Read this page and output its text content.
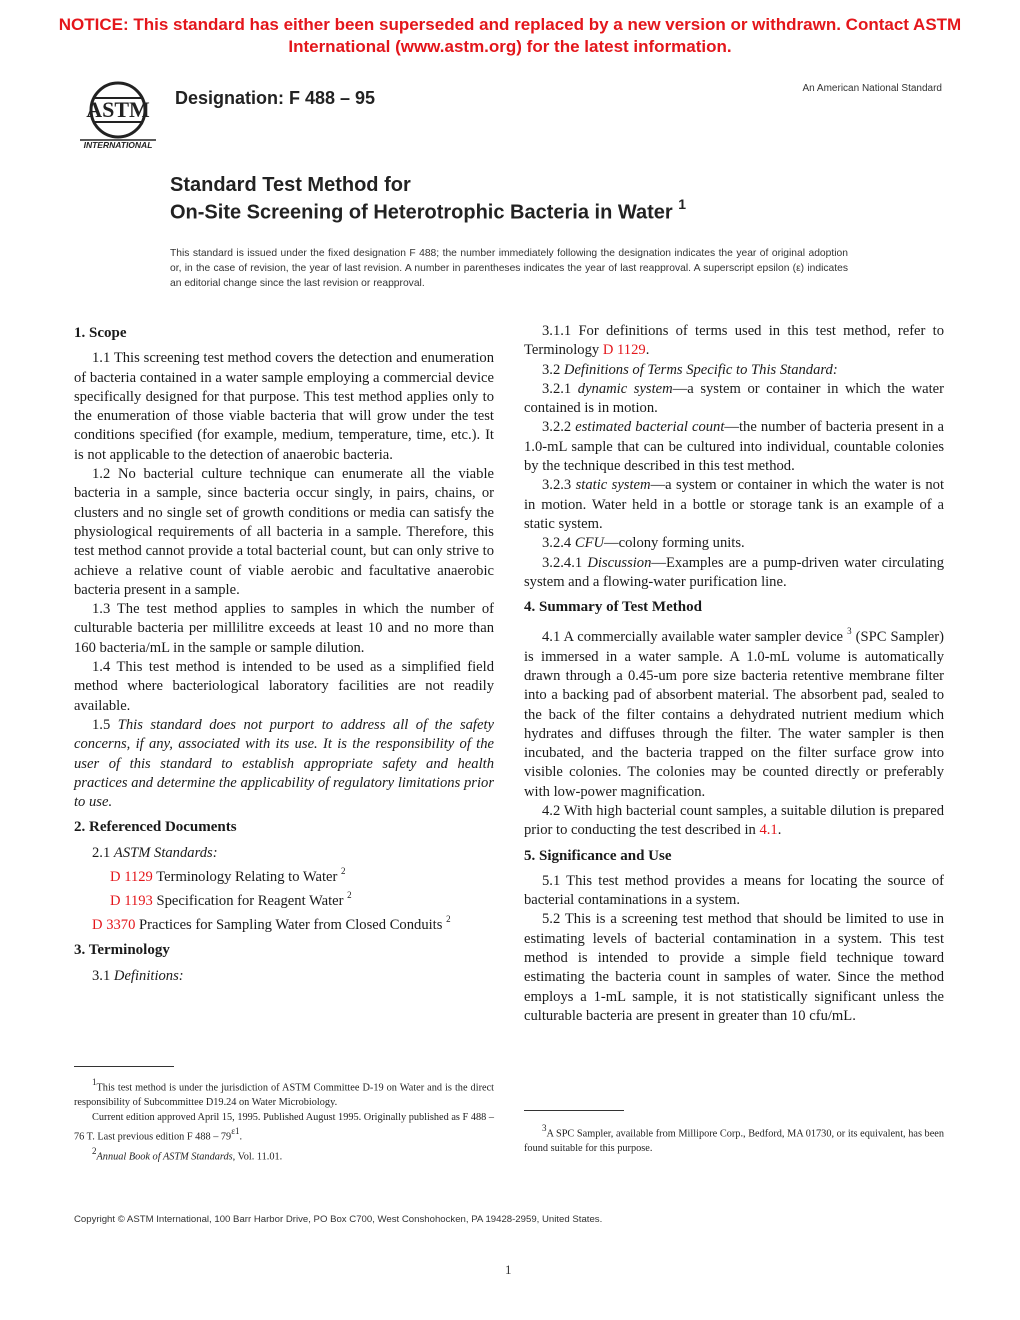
NOTICE: This standard has either been superseded and replaced by a new version or withdrawn. Contact ASTM
International (www.astm.org) for the latest information.
ASTM
INTERNATIONAL
Designation: F 488 – 95	An American National Standard
Standard Test Method for
On-Site Screening of Heterotrophic Bacteria in Water $^1$
This standard is issued under the fixed designation F 488; the number immediately following the designation indicates the year of original adoption or, in the case of revision, the year of last revision. A number in parentheses indicates the year of last reapproval. A superscript epsilon (ε) indicates an editorial change since the last revision or reapproval.
1. Scope

1.1 This screening test method covers the detection and enumeration of bacteria contained in a water sample employing a commercial device specifically designed for that purpose. This test method applies only to the enumeration of those viable bacteria that will grow under the test conditions specified (for example, medium, temperature, time, etc.). It is not applicable to the detection of anaerobic bacteria.

1.2 No bacterial culture technique can enumerate all the viable bacteria in a sample, since bacteria occur singly, in pairs, chains, or clusters and no single set of growth conditions or media can satisfy the physiological requirements of all bacteria in a sample. Therefore, this test method cannot provide a total bacterial count, but can only strive to achieve a relative count of viable aerobic and facultative anaerobic bacteria present in a sample.

1.3 The test method applies to samples in which the number of culturable bacteria per millilitre exceeds at least 10 and no more than 160 bacteria/mL in the sample or sample dilution.

1.4 This test method is intended to be used as a simplified field method where bacteriological laboratory facilities are not readily available.

1.5 This standard does not purport to address all of the safety concerns, if any, associated with its use. It is the responsibility of the user of this standard to establish appropriate safety and health practices and determine the applicability of regulatory limitations prior to use.

2. Referenced Documents

2.1 ASTM Standards:

D 1129 Terminology Relating to Water $^2$

D 1193 Specification for Reagent Water $^2$

D 3370 Practices for Sampling Water from Closed Conduits $^2$

3. Terminology

3.1 Definitions:

3.1.1 For definitions of terms used in this test method, refer to Terminology D 1129.

3.2 Definitions of Terms Specific to This Standard:

3.2.1 dynamic system—a system or container in which the water contained is in motion.

3.2.2 estimated bacterial count—the number of bacteria present in a 1.0-mL sample that can be cultured into individual, countable colonies by the technique described in this test method.

3.2.3 static system—a system or container in which the water is not in motion. Water held in a bottle or storage tank is an example of a static system.

3.2.4 CFU—colony forming units.

3.2.4.1 Discussion—Examples are a pump-driven water circulating system and a flowing-water purification line.

4. Summary of Test Method

4.1 A commercially available water sampler device $^3$ (SPC Sampler) is immersed in a water sample. A 1.0-mL volume is automatically drawn through a 0.45-um pore size bacteria retentive membrane filter into a backing pad of absorbent material. The absorbent pad, sealed to the back of the filter contains a dehydrated nutrient medium which hydrates and diffuses through the filter. The water sampler is then incubated, and the bacteria trapped on the filter surface grow into visible colonies. The colonies may be counted directly or preferably with low-power magnification.

4.2 With high bacterial count samples, a suitable dilution is prepared prior to conducting the test described in 4.1.

5. Significance and Use

5.1 This test method provides a means for locating the source of bacterial contaminations in a system.

5.2 This is a screening test method that should be limited to use in estimating levels of bacterial contamination in a system. This test method is intended to provide a simple field technique toward estimating the bacteria count in samples of water. Since the method employs a 1-mL sample, it is not statistically significant unless the culturable bacteria are present in greater than 10 cfu/mL.

$^1$This test method is under the jurisdiction of ASTM Committee D-19 on Water and is the direct responsibility of Subcommittee D19.24 on Water Microbiology.

Current edition approved April 15, 1995. Published August 1995. Originally published as F 488 – 76 T. Last previous edition F $488 - 79^{\varepsilon 1}$.

$^2$Annual Book of ASTM Standards, Vol. 11.01.

$^3$A SPC Sampler, available from Millipore Corp., Bedford, MA 01730, or its equivalent, has been found suitable for this purpose.

Copyright © ASTM International, 100 Barr Harbor Drive, PO Box C700, West Conshohocken, PA 19428-2959, United States.
1
